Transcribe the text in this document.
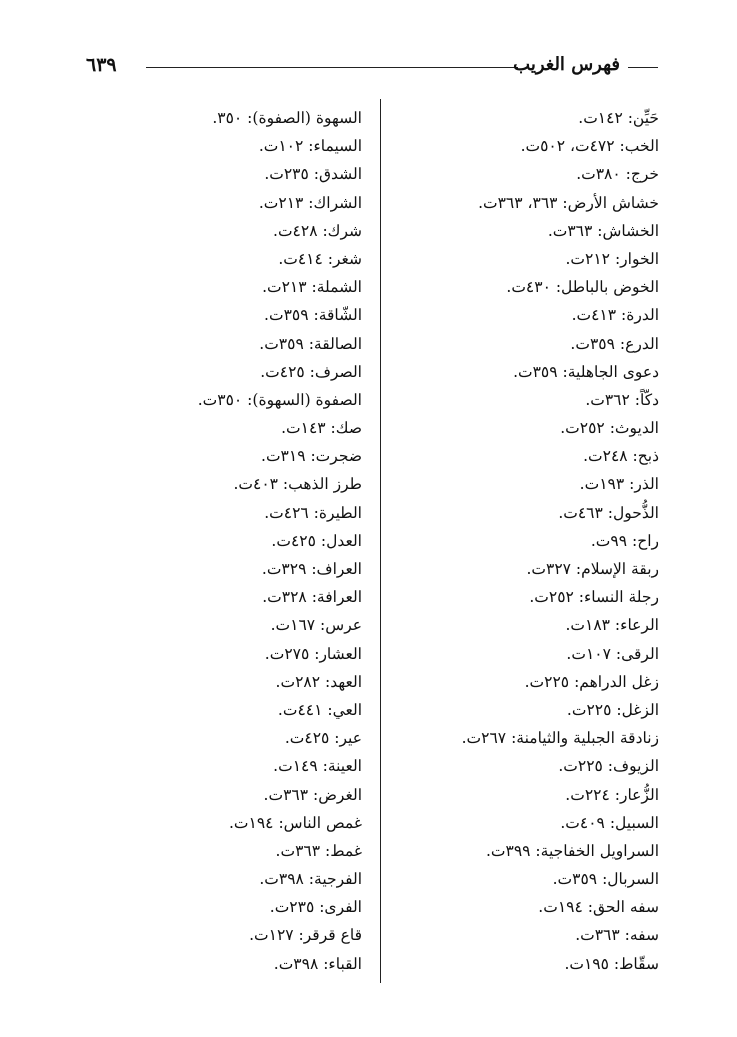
٦٣٩	فهرس الغريب
حَيِّن: ١٤٢ت.
الخب: ٤٧٢ت، ٥٠٢ت.
خرج: ٣٨٠ت.
خشاش الأرض: ٣٦٣، ٣٦٣ت.
الخشاش: ٣٦٣ت.
الخوار: ٢١٢ت.
الخوض بالباطل: ٤٣٠ت.
الدرة: ٤١٣ت.
الدرع: ٣٥٩ت.
دعوى الجاهلية: ٣٥٩ت.
دكّاً: ٣٦٢ت.
الديوث: ٢٥٢ت.
ذبح: ٢٤٨ت.
الذر: ١٩٣ت.
الذُّحول: ٤٦٣ت.
راح: ٩٩ت.
ربقة الإسلام: ٣٢٧ت.
رجلة النساء: ٢٥٢ت.
الرعاء: ١٨٣ت.
الرقى: ١٠٧ت.
زغل الدراهم: ٢٢٥ت.
الزغل: ٢٢٥ت.
زنادقة الجبلية والثيامنة: ٢٦٧ت.
الزيوف: ٢٢٥ت.
الزُّعار: ٢٢٤ت.
السبيل: ٤٠٩ت.
السراويل الخفاجية: ٣٩٩ت.
السربال: ٣٥٩ت.
سفه الحق: ١٩٤ت.
سفه: ٣٦٣ت.
سقّاط: ١٩٥ت.
السهوة (الصفوة): ٣٥٠.
السيماء: ١٠٢ت.
الشدق: ٢٣٥ت.
الشراك: ٢١٣ت.
شرك: ٤٢٨ت.
شغر: ٤١٤ت.
الشملة: ٢١٣ت.
الشّاقة: ٣٥٩ت.
الصالقة: ٣٥٩ت.
الصرف: ٤٢٥ت.
الصفوة (السهوة): ٣٥٠ت.
صك: ١٤٣ت.
ضجرت: ٣١٩ت.
طرز الذهب: ٤٠٣ت.
الطيرة: ٤٢٦ت.
العدل: ٤٢٥ت.
العراف: ٣٢٩ت.
العرافة: ٣٢٨ت.
عرس: ١٦٧ت.
العشار: ٢٧٥ت.
العهد: ٢٨٢ت.
العي: ٤٤١ت.
عير: ٤٢٥ت.
العينة: ١٤٩ت.
الغرض: ٣٦٣ت.
غمص الناس: ١٩٤ت.
غمط: ٣٦٣ت.
الفرجية: ٣٩٨ت.
الفرى: ٢٣٥ت.
قاع قرقر: ١٢٧ت.
القباء: ٣٩٨ت.
